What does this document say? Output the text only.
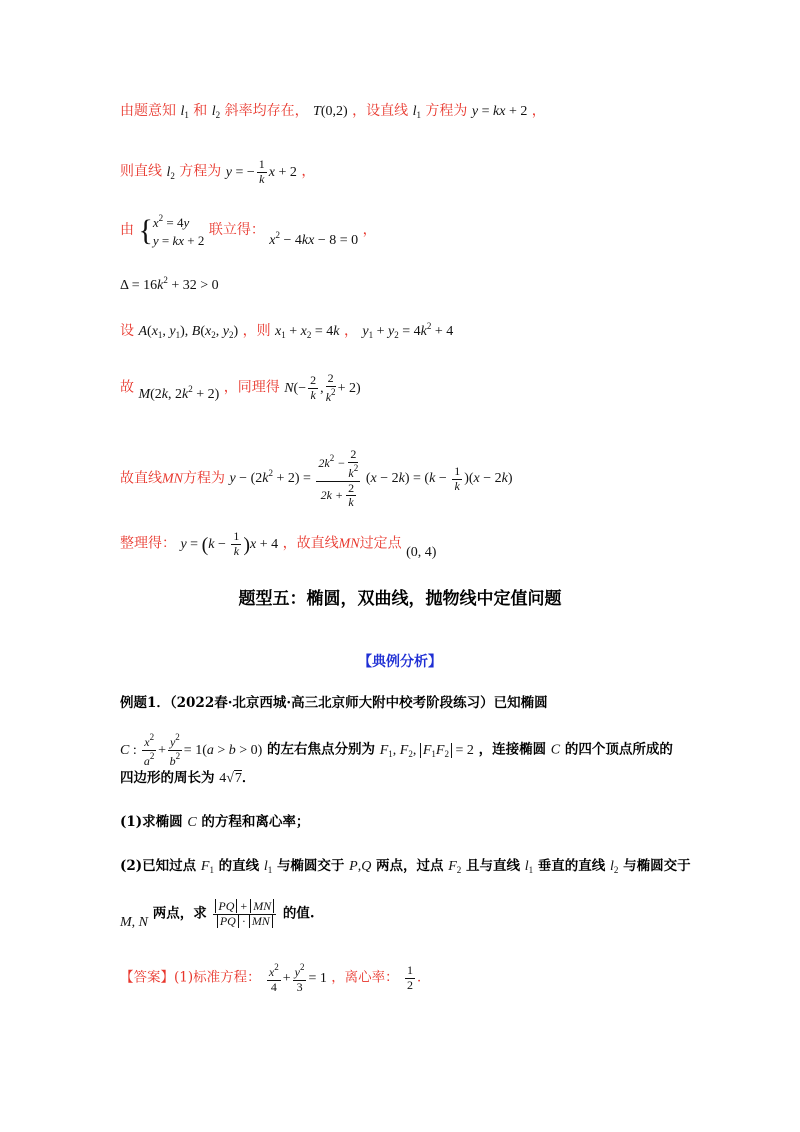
由题意知 $l_1$ 和 $l_2$ 斜率均存在， T(0,2) ，设直线 $l_1$ 方程为 y = kx + 2 ，
则直线 $l_2$ 方程为 y = − $\frac{1}{k}$ x + 2 ，
由 {$x^2 = 4y$
y = kx + 2 联立得： $x^2 - 4kx - 8 = 0$ ，
$\Delta = 16k^2 + 32 > 0$
设 $A(x_1$, $y_1$), $B(x_2$, $y_2$) ，则 $x_1 + x_2 = 4k$ ， $y_1 + y_2 = 4k^2 + 4$
故 M(2k, $2k^2 + 2$) ，同理得 $N(- \frac{2}{k}$ , $\frac{2}{k^2} + 2$)
故直线MN方程为 $y - (2k^2 + 2) = \frac{2k^2 - \frac{2}{k^2}}{2k + \frac{2}{k}} (x - 2k) = (k - \frac{1}{k} )(x - 2k)$
整理得： $y = (k - \frac{1}{k} )x + 4$ ，故直线MN过定点 (0, 4)
题型五：椭圆，双曲线，抛物线中定值问题
【典例分析】
例题1．（2022春·北京西城·高三北京师大附中校考阶段练习）已知椭圆
C : $\frac{x^2}{a^2} + \frac{y^2}{b^2} = 1(a > b > 0)$ 的左右焦点分别为 $F_1$, $F_2$, $F_1F_2 = 2$ ，连接椭圆 C 的四个顶点所成的
四边形的周长为 4√7．
(1)求椭圆 C 的方程和离心率；
(2)已知过点 $F_1$ 的直线 $l_1$ 与椭圆交于 P,Q 两点，过点 $F_2$ 且与直线 $l_1$ 垂直的直线 $l_2$ 与椭圆交于
M, N 两点，求 $\frac{PQ + MN}{PQ \cdot MN}$ 的值.
【答案】(1)标准方程： $\frac{x^2}{4} + \frac{y^2}{3} = 1$ ，离心率： $\frac{1}{2}$ ．
